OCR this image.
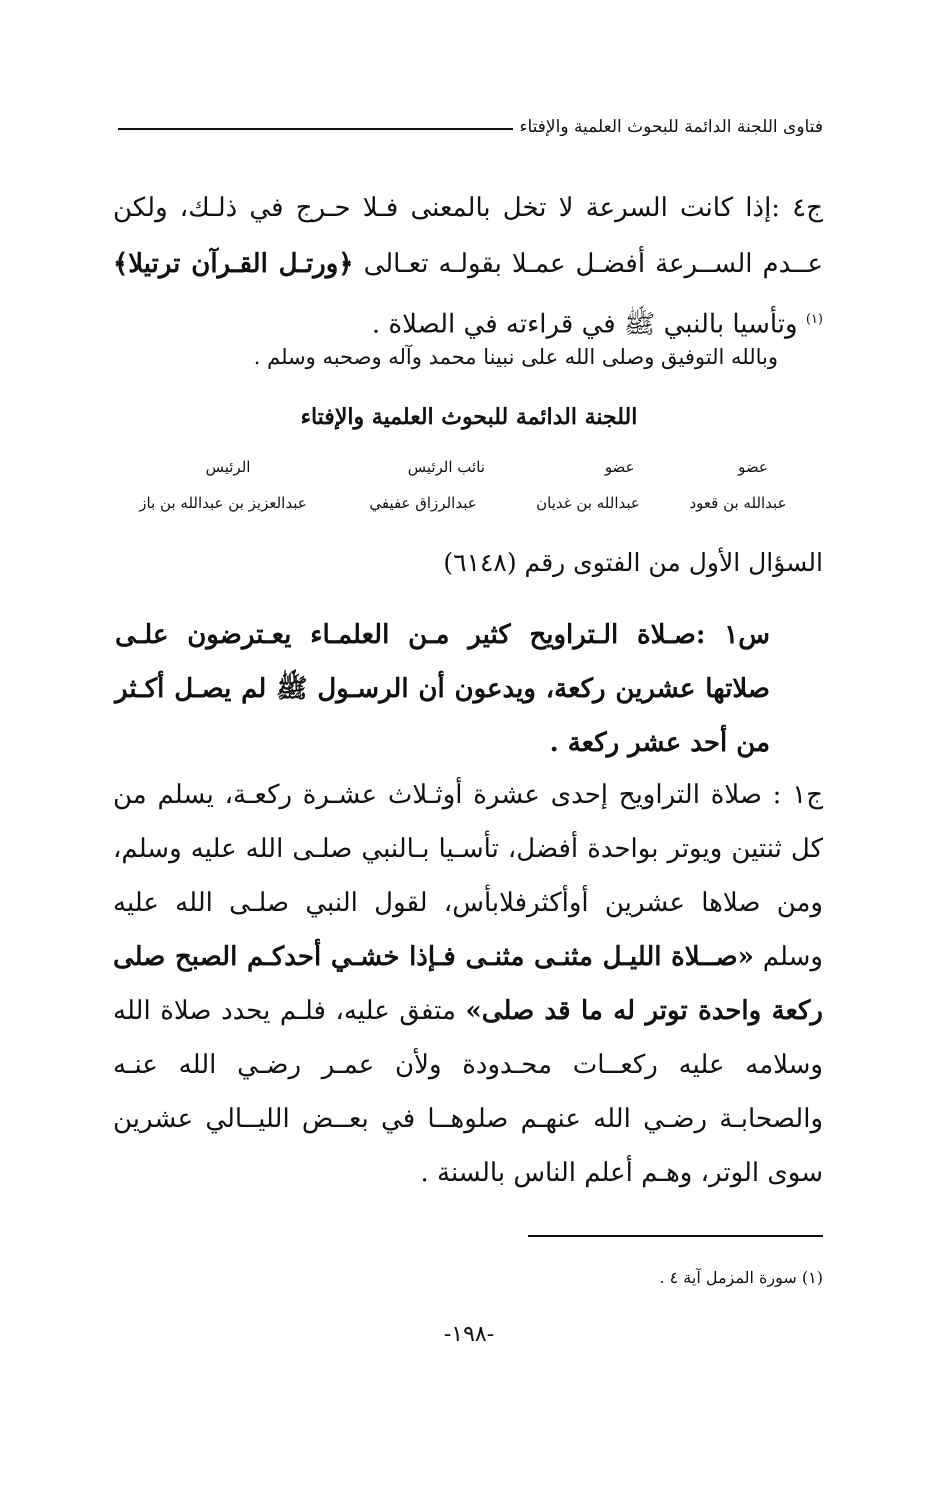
فتاوى اللجنة الدائمة للبحوث العلمية والإفتاء
ج٤ :إذا كانت السرعة لا تخل بالمعنى فـلا حـرج في ذلـك، ولكن عــدم الســرعة أفضـل عمـلا بقولـه تعـالى ﴿ورتـل القـرآن ترتيلا﴾ $^{(١)}$ وتأسيا بالنبي ﷺ في قراءته في الصلاة .
وبالله التوفيق وصلى الله على نبينا محمد وآله وصحبه وسلم .
اللجنة الدائمة للبحوث العلمية والإفتاء
عضو
عضو
نائب الرئيس
الرئيس
عبدالله بن قعود
عبدالله بن غديان
عبدالرزاق عفيفي
عبدالعزيز بن عبدالله بن باز
السؤال الأول من الفتوى رقم (٦١٤٨)
س١ :صـلاة الـتراويح كثير مـن العلمـاء يعـترضون علـى صلاتها عشرين ركعة، ويدعون أن الرسـول ﷺ لم يصـل أكـثر من أحد عشر ركعة .
ج١ : صلاة التراويح إحدى عشرة أوثـلاث عشـرة ركعـة، يسلم من كل ثنتين ويوتر بواحدة أفضل، تأسـيا بـالنبي صلـى الله عليه وسلم، ومن صلاها عشرين أوأكثرفلابأس، لقول النبي صلـى الله عليه وسلم «صــلاة الليـل مثنـى مثنـى فـإذا خشـي أحدكـم الصبح صلى ركعة واحدة توتر له ما قد صلى» متفق عليه، فلـم يحدد صلاة الله وسلامه عليه ركعــات محـدودة ولأن عمـر رضـي الله عنـه والصحابـة رضـي الله عنهـم صلوهــا في بعــض الليــالي عشرين سوى الوتر، وهـم أعلم الناس بالسنة .
(١) سورة المزمل آية ٤ .
-١٩٨-
